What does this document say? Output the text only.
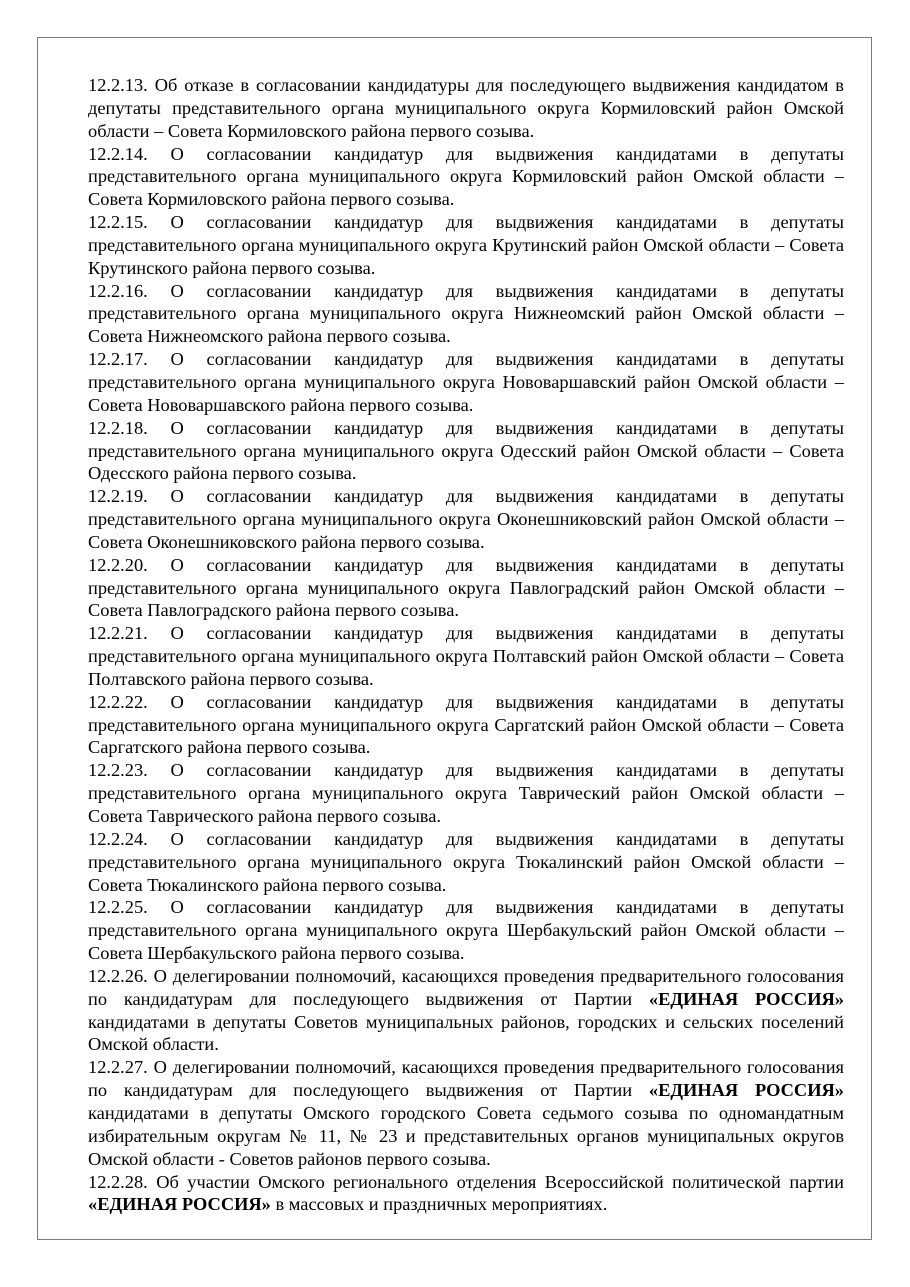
12.2.13. Об отказе в согласовании кандидатуры для последующего выдвижения кандидатом в депутаты представительного органа муниципального округа Кормиловский район Омской области – Совета Кормиловского района первого созыва.

12.2.14. О согласовании кандидатур для выдвижения кандидатами в депутаты представительного органа муниципального округа Кормиловский район Омской области – Совета Кормиловского района первого созыва.

12.2.15. О согласовании кандидатур для выдвижения кандидатами в депутаты представительного органа муниципального округа Крутинский район Омской области – Совета Крутинского района первого созыва.

12.2.16. О согласовании кандидатур для выдвижения кандидатами в депутаты представительного органа муниципального округа Нижнеомский район Омской области – Совета Нижнеомского района первого созыва.

12.2.17. О согласовании кандидатур для выдвижения кандидатами в депутаты представительного органа муниципального округа Нововаршавский район Омской области – Совета Нововаршавского района первого созыва.

12.2.18. О согласовании кандидатур для выдвижения кандидатами в депутаты представительного органа муниципального округа Одесский район Омской области – Совета Одесского района первого созыва.

12.2.19. О согласовании кандидатур для выдвижения кандидатами в депутаты представительного органа муниципального округа Оконешниковский район Омской области – Совета Оконешниковского района первого созыва.

12.2.20. О согласовании кандидатур для выдвижения кандидатами в депутаты представительного органа муниципального округа Павлоградский район Омской области – Совета Павлоградского района первого созыва.

12.2.21. О согласовании кандидатур для выдвижения кандидатами в депутаты представительного органа муниципального округа Полтавский район Омской области – Совета Полтавского района первого созыва.

12.2.22. О согласовании кандидатур для выдвижения кандидатами в депутаты представительного органа муниципального округа Саргатский район Омской области – Совета Саргатского района первого созыва.

12.2.23. О согласовании кандидатур для выдвижения кандидатами в депутаты представительного органа муниципального округа Таврический район Омской области – Совета Таврического района первого созыва.

12.2.24. О согласовании кандидатур для выдвижения кандидатами в депутаты представительного органа муниципального округа Тюкалинский район Омской области – Совета Тюкалинского района первого созыва.

12.2.25. О согласовании кандидатур для выдвижения кандидатами в депутаты представительного органа муниципального округа Шербакульский район Омской области – Совета Шербакульского района первого созыва.

12.2.26. О делегировании полномочий, касающихся проведения предварительного голосования по кандидатурам для последующего выдвижения от Партии «ЕДИНАЯ РОССИЯ» кандидатами в депутаты Советов муниципальных районов, городских и сельских поселений Омской области.

12.2.27. О делегировании полномочий, касающихся проведения предварительного голосования по кандидатурам для последующего выдвижения от Партии «ЕДИНАЯ РОССИЯ» кандидатами в депутаты Омского городского Совета седьмого созыва по одномандатным избирательным округам № 11, № 23 и представительных органов муниципальных округов Омской области - Советов районов первого созыва.

12.2.28. Об участии Омского регионального отделения Всероссийской политической партии «ЕДИНАЯ РОССИЯ» в массовых и праздничных мероприятиях.
